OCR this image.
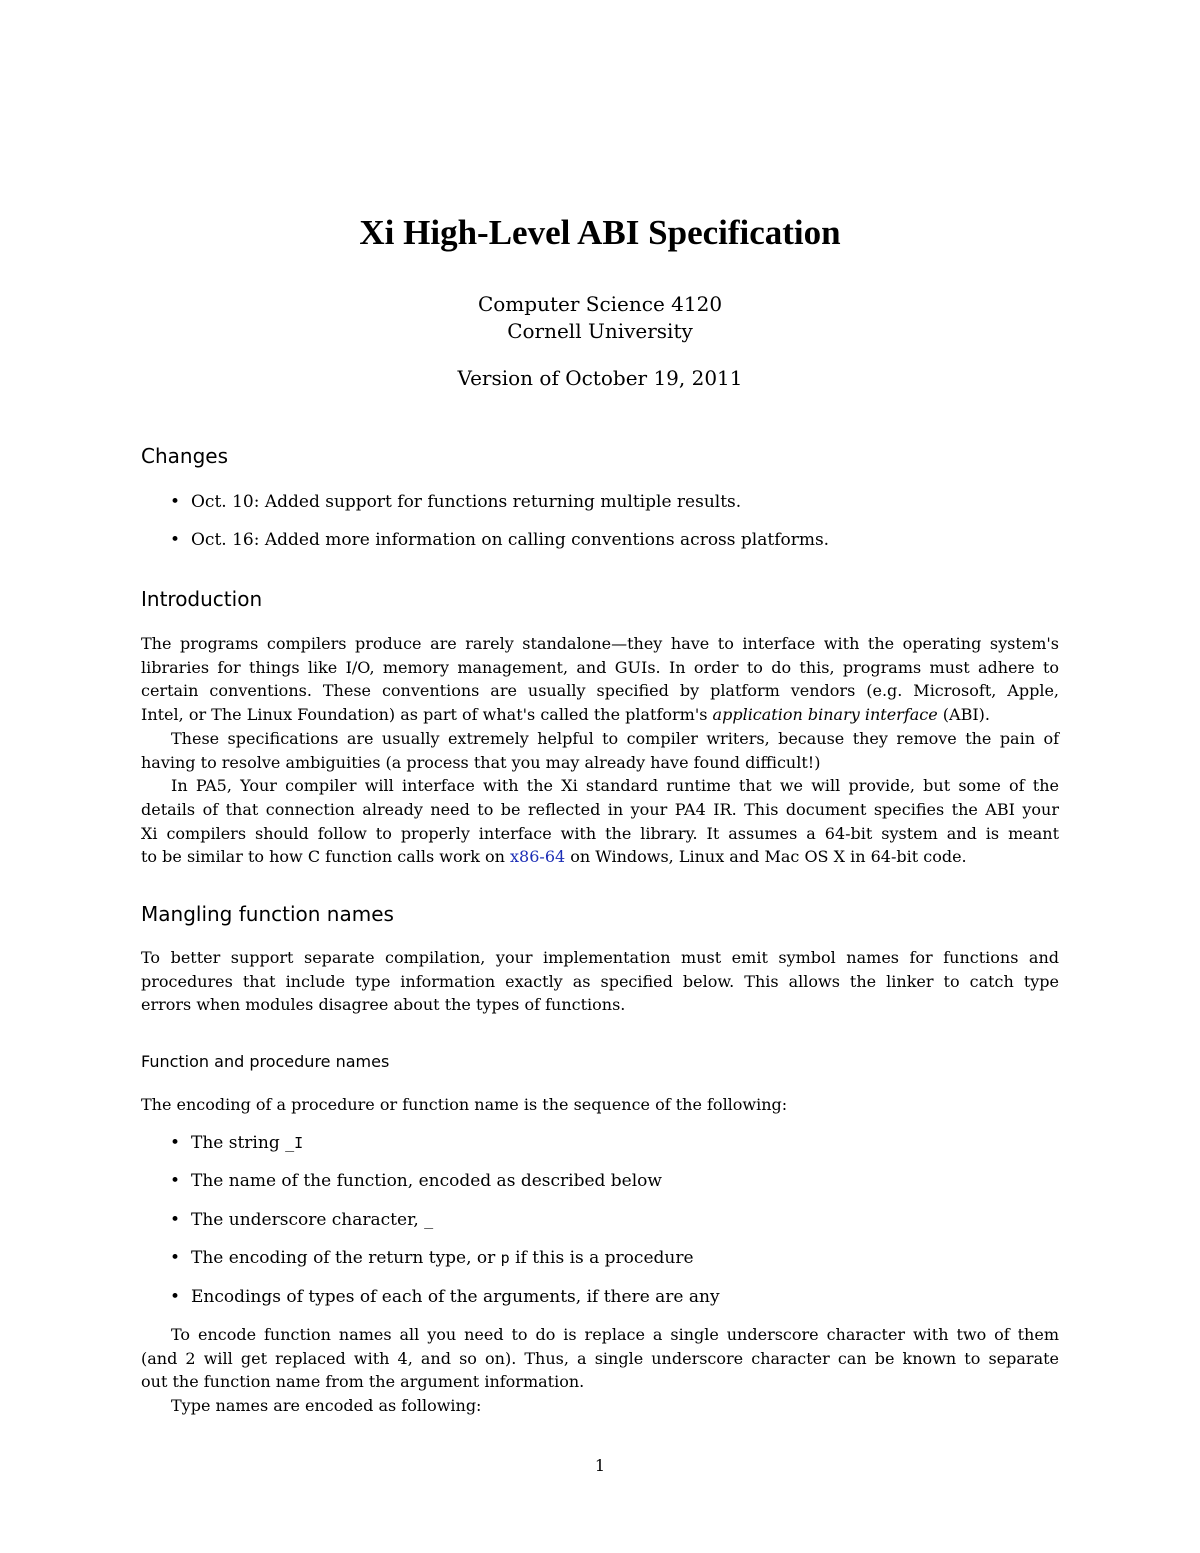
Xi High-Level ABI Specification
Computer Science 4120
Cornell University
Version of October 19, 2011
Changes
• Oct. 10: Added support for functions returning multiple results.
• Oct. 16: Added more information on calling conventions across platforms.
Introduction

The programs compilers produce are rarely standalone—they have to interface with the operating system's

libraries for things like I/O, memory management, and GUIs. In order to do this, programs must adhere to

certain conventions. These conventions are usually specified by platform vendors (e.g. Microsoft, Apple,

Intel, or The Linux Foundation) as part of what's called the platform's application binary interface (ABI).

These specifications are usually extremely helpful to compiler writers, because they remove the pain of

having to resolve ambiguities (a process that you may already have found difficult!)

In PA5, Your compiler will interface with the Xi standard runtime that we will provide, but some of the

details of that connection already need to be reflected in your PA4 IR. This document specifies the ABI your

Xi compilers should follow to properly interface with the library. It assumes a 64-bit system and is meant

to be similar to how C function calls work on x86-64 on Windows, Linux and Mac OS X in 64-bit code.

Mangling function names

To better support separate compilation, your implementation must emit symbol names for functions and

procedures that include type information exactly as specified below. This allows the linker to catch type

errors when modules disagree about the types of functions.

Function and procedure names

The encoding of a procedure or function name is the sequence of the following:

• The string _I
• The name of the function, encoded as described below
• The underscore character, _
• The encoding of the return type, or p if this is a procedure
• Encodings of types of each of the arguments, if there are any

To encode function names all you need to do is replace a single underscore character with two of them

(and 2 will get replaced with 4, and so on). Thus, a single underscore character can be known to separate

out the function name from the argument information.

Type names are encoded as following:

1
